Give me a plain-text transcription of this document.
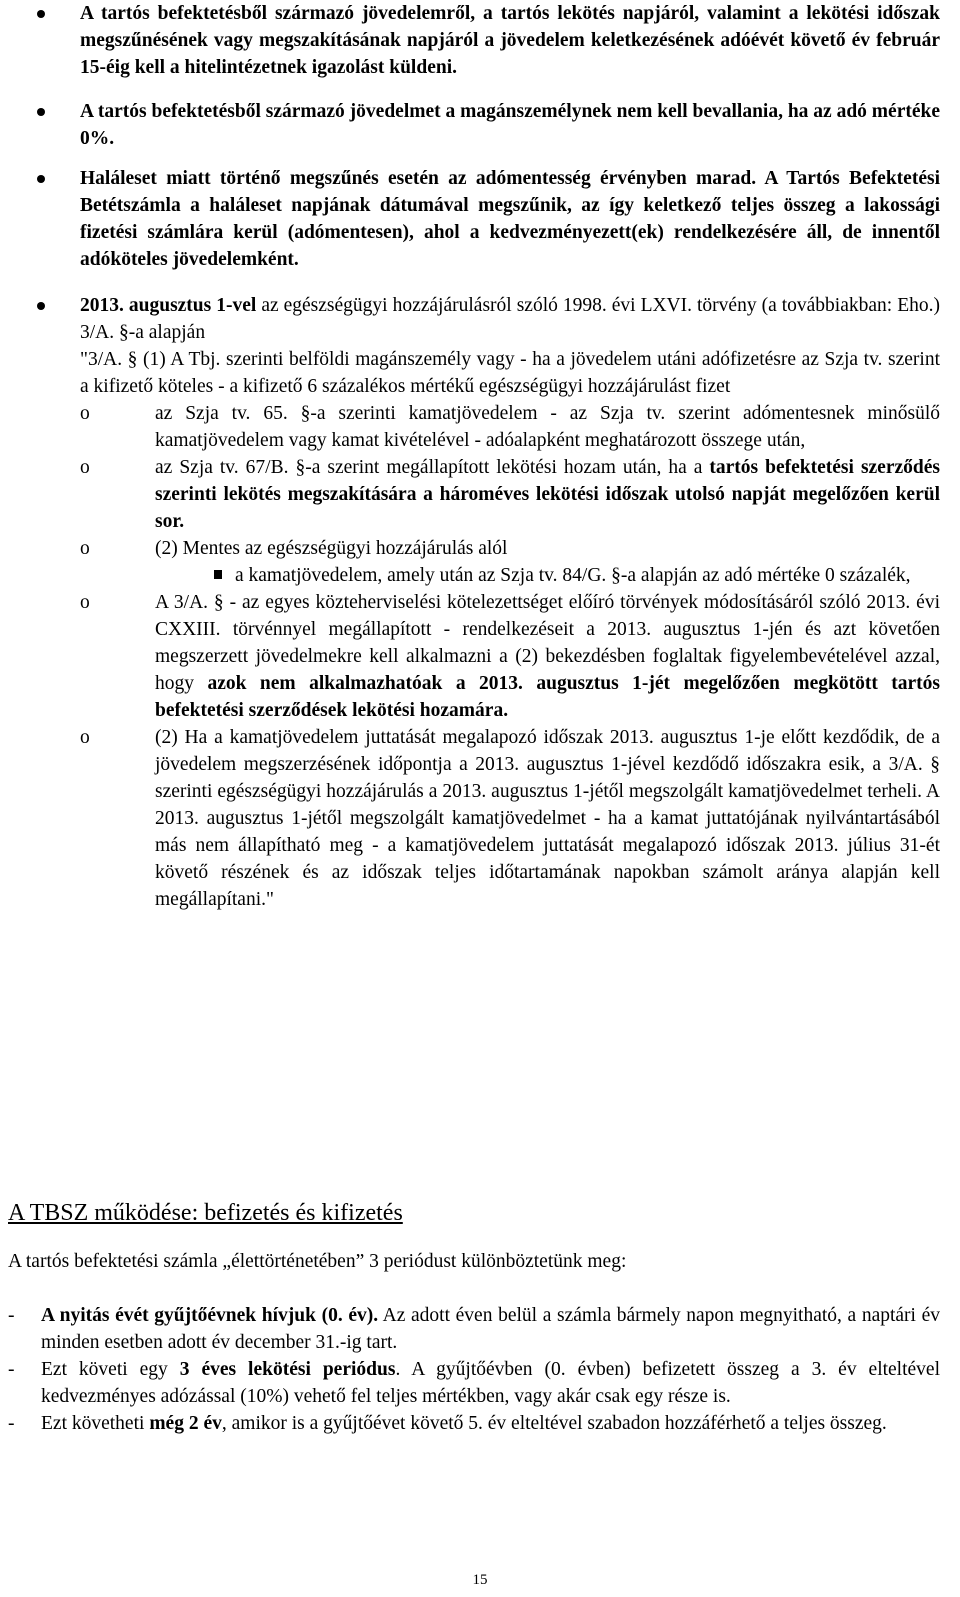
A tartós befektetésből származó jövedelemről, a tartós lekötés napjáról, valamint a lekötési időszak megszűnésének vagy megszakításának napjáról a jövedelem keletkezésének adóévét követő év február 15-éig kell a hitelintézetnek igazolást küldeni.
A tartós befektetésből származó jövedelmet a magánszemélynek nem kell bevallania, ha az adó mértéke 0%.
Haláleset miatt történő megszűnés esetén az adómentesség érvényben marad. A Tartós Befektetési Betétszámla a haláleset napjának dátumával megszűnik, az így keletkező teljes összeg a lakossági fizetési számlára kerül (adómentesen), ahol a kedvezményezett(ek) rendelkezésére áll, de innentől adóköteles jövedelemként.
2013. augusztus 1-vel az egészségügyi hozzájárulásról szóló 1998. évi LXVI. törvény (a továbbiakban: Eho.) 3/A. §-a alapján
"3/A. § (1) A Tbj. szerinti belföldi magánszemély vagy - ha a jövedelem utáni adófizetésre az Szja tv. szerint a kifizető köteles - a kifizető 6 százalékos mértékű egészségügyi hozzájárulást fizet
o	az Szja tv. 65. §-a szerinti kamatjövedelem - az Szja tv. szerint adómentesnek minősülő kamatjövedelem vagy kamat kivételével - adóalapként meghatározott összege után,
o	az Szja tv. 67/B. §-a szerint megállapított lekötési hozam után, ha a tartós befektetési szerződés szerinti lekötés megszakítására a hároméves lekötési időszak utolsó napját megelőzően kerül sor.
o	(2) Mentes az egészségügyi hozzájárulás alól
a kamatjövedelem, amely után az Szja tv. 84/G. §-a alapján az adó mértéke 0 százalék,
o	A 3/A. § - az egyes közteherviselési kötelezettséget előíró törvények módosításáról szóló 2013. évi CXXIII. törvénnyel megállapított - rendelkezéseit a 2013. augusztus 1-jén és azt követően megszerzett jövedelmekre kell alkalmazni a (2) bekezdésben foglaltak figyelembevételével azzal, hogy azok nem alkalmazhatóak a 2013. augusztus 1-jét megelőzően megkötött tartós befektetési szerződések lekötési hozamára.
o	(2) Ha a kamatjövedelem juttatását megalapozó időszak 2013. augusztus 1-je előtt kezdődik, de a jövedelem megszerzésének időpontja a 2013. augusztus 1-jével kezdődő időszakra esik, a 3/A. § szerinti egészségügyi hozzájárulás a 2013. augusztus 1-jétől megszolgált kamatjövedelmet terheli. A 2013. augusztus 1-jétől megszolgált kamatjövedelmet - ha a kamat juttatójának nyilvántartásából más nem állapítható meg - a kamatjövedelem juttatását megalapozó időszak 2013. július 31-ét követő részének és az időszak teljes időtartamának napokban számolt aránya alapján kell megállapítani."
A TBSZ működése: befizetés és kifizetés
A tartós befektetési számla „élettörténetében” 3 periódust különböztetünk meg:
- A nyitás évét gyűjtőévnek hívjuk (0. év). Az adott éven belül a számla bármely napon megnyitható, a naptári év minden esetben adott év december 31.-ig tart.
- Ezt követi egy 3 éves lekötési periódus. A gyűjtőévben (0. évben) befizetett összeg a 3. év elteltével kedvezményes adózással (10%) vehető fel teljes mértékben, vagy akár csak egy része is.
- Ezt követheti még 2 év, amikor is a gyűjtőévet követő 5. év elteltével szabadon hozzáférhető a teljes összeg.
15
